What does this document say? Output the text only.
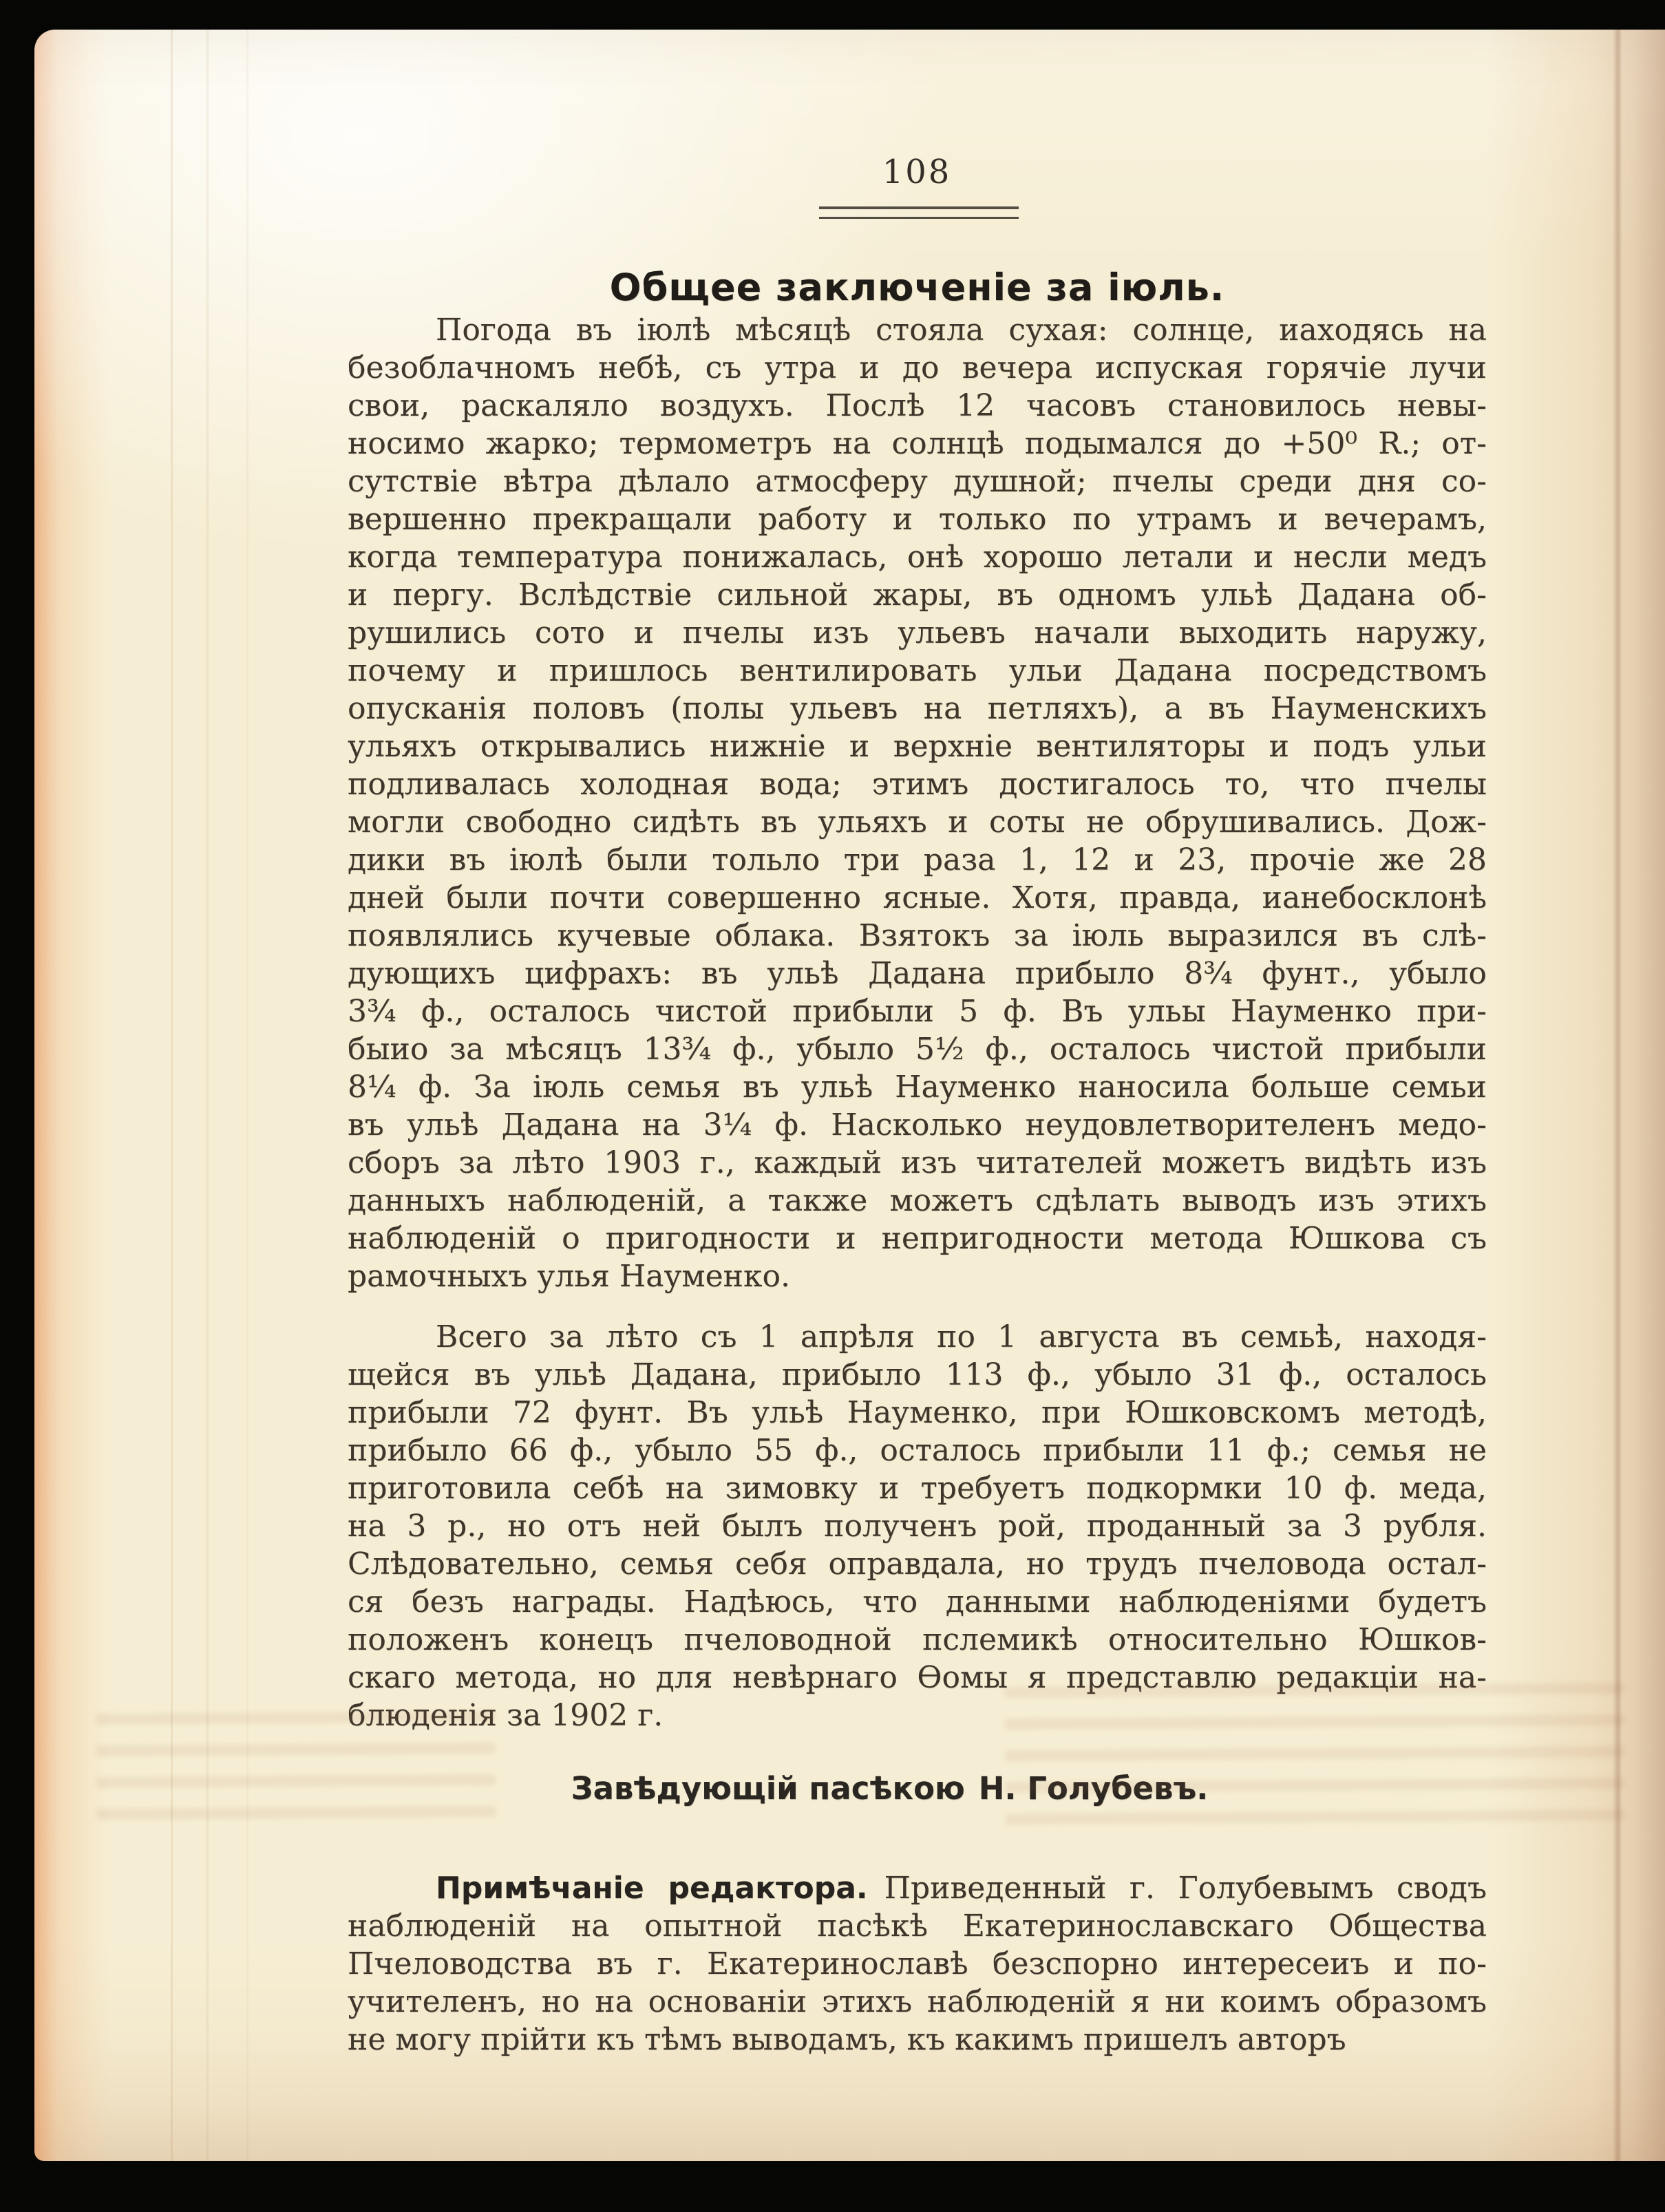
108
Общее заключеніе за іюль.
Погода въ іюлѣ мѣсяцѣ стояла сухая: солнце, иаходясь на
безоблачномъ небѣ, съ утра и до вечера испуская горячіе лучи
свои, раскаляло воздухъ. Послѣ 12 часовъ становилось невы-
носимо жарко; термометръ на солнцѣ подымался до +50⁰ R.; от-
сутствіе вѣтра дѣлало атмосферу душной; пчелы среди дня со-
вершенно прекращали работу и только по утрамъ и вечерамъ,
когда температура понижалась, онѣ хорошо летали и несли медъ
и пергу. Вслѣдствіе сильной жары, въ одномъ ульѣ Дадана об-
рушились сото и пчелы изъ ульевъ начали выходить наружу,
почему и пришлось вентилировать ульи Дадана посредствомъ
опусканія половъ (полы ульевъ на петляхъ), а въ Науменскихъ
ульяхъ открывались нижніе и верхніе вентиляторы и подъ ульи
подливалась холодная вода; этимъ достигалось то, что пчелы
могли свободно сидѣть въ ульяхъ и соты не обрушивались. Дож-
дики въ іюлѣ были тольло три раза 1, 12 и 23, прочіе же 28
дней были почти совершенно ясные. Хотя, правда, ианебосклонѣ
появлялись кучевые облака. Взятокъ за іюль выразился въ слѣ-
дующихъ цифрахъ: въ ульѣ Дадана прибыло 8¾ фунт., убыло
3¾ ф., осталось чистой прибыли 5 ф. Въ ульы Науменко при-
быио за мѣсяцъ 13¾ ф., убыло 5½ ф., осталось чистой прибыли
8¼ ф. За іюль семья въ ульѣ Науменко наносила больше семьи
въ ульѣ Дадана на 3¼ ф. Насколько неудовлетворителенъ медо-
сборъ за лѣто 1903 г., каждый изъ читателей можетъ видѣть изъ
данныхъ наблюденій, а также можетъ сдѣлать выводъ изъ этихъ
наблюденій о пригодности и непригодности метода Юшкова съ
рамочныхъ улья Науменко.
Всего за лѣто съ 1 апрѣля по 1 августа въ семьѣ, находя-
щейся въ ульѣ Дадана, прибыло 113 ф., убыло 31 ф., осталось
прибыли 72 фунт. Въ ульѣ Науменко, при Юшковскомъ методѣ,
прибыло 66 ф., убыло 55 ф., осталось прибыли 11 ф.; семья не
приготовила себѣ на зимовку и требуетъ подкормки 10 ф. меда,
на 3 р., но отъ ней былъ полученъ рой, проданный за 3 рубля.
Слѣдовательно, семья себя оправдала, но трудъ пчеловода остал-
ся безъ награды. Надѣюсь, что данными наблюденіями будетъ
положенъ конецъ пчеловодной пслемикѣ относительно Юшков-
скаго метода, но для невѣрнаго Ѳомы я представлю редакціи на-
блюденія за 1902 г.
Завѣдующій пасѣкою Н. Голубевъ.
Примѣчаніе редактора. Приведенный г. Голубевымъ сводъ
наблюденій на опытной пасѣкѣ Екатеринославскаго Общества
Пчеловодства въ г. Екатеринославѣ безспорно интересеиъ и по-
учителенъ, но на основаніи этихъ наблюденій я ни коимъ образомъ
не могу прійти къ тѣмъ выводамъ, къ какимъ пришелъ авторъ
